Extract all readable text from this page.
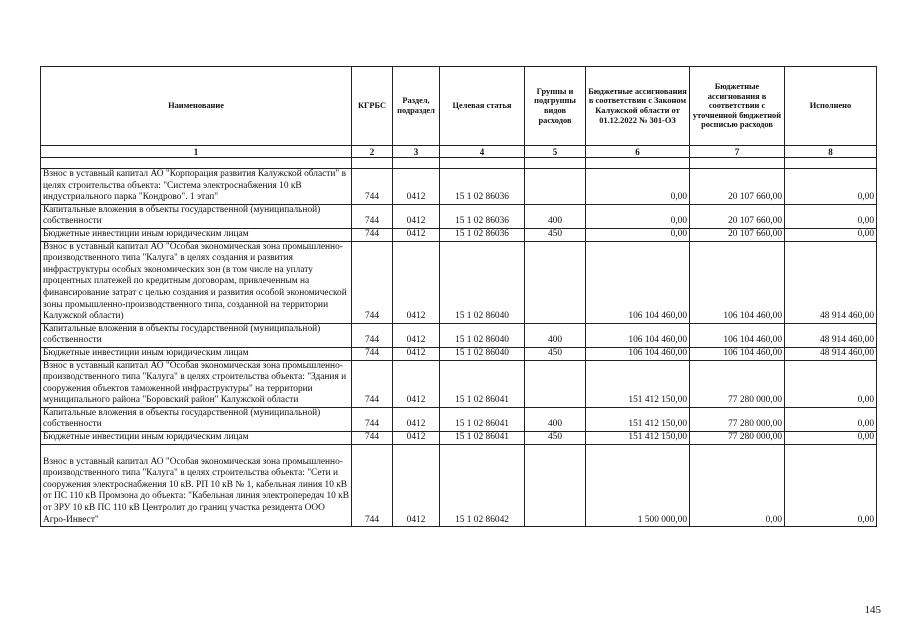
Наименование	КГРБС	Раздел, подраздел	Целевая статья	Группы и подгруппы видов расходов	Бюджетные ассигнования в соответствии с Законом Калужской области от 01.12.2022 № 301-ОЗ	Бюджетные ассигнования в соответствии с уточненной бюджетной росписью расходов	Исполнено
1	2	3	4	5	6	7	8

Взнос в уставный капитал АО "Корпорация развития Калужской области" в целях строительства объекта: "Система электроснабжения 10 кВ индустриального парка "Кондрово". 1 этап"	744	0412	15 1 02 86036		0,00	20 107 660,00	0,00
Капитальные вложения в объекты государственной (муниципальной) собственности	744	0412	15 1 02 86036	400	0,00	20 107 660,00	0,00
Бюджетные инвестиции иным юридическим лицам	744	0412	15 1 02 86036	450	0,00	20 107 660,00	0,00
Взнос в уставный капитал АО "Особая экономическая зона промышленно-производственного типа "Калуга" в целях создания и развития инфраструктуры особых экономических зон (в том числе на уплату процентных платежей по кредитным договорам, привлеченным на финансирование затрат с целью создания и развития особой экономической зоны промышленно-производственного типа, созданной на территории Калужской области)	744	0412	15 1 02 86040		106 104 460,00	106 104 460,00	48 914 460,00
Капитальные вложения в объекты государственной (муниципальной) собственности	744	0412	15 1 02 86040	400	106 104 460,00	106 104 460,00	48 914 460,00
Бюджетные инвестиции иным юридическим лицам	744	0412	15 1 02 86040	450	106 104 460,00	106 104 460,00	48 914 460,00
Взнос в уставный капитал АО "Особая экономическая зона промышленно-производственного типа "Калуга" в целях строительства объекта: "Здания и сооружения объектов таможенной инфраструктуры" на территории муниципального района "Боровский район" Калужской области	744	0412	15 1 02 86041		151 412 150,00	77 280 000,00	0,00
Капитальные вложения в объекты государственной (муниципальной) собственности	744	0412	15 1 02 86041	400	151 412 150,00	77 280 000,00	0,00
Бюджетные инвестиции иным юридическим лицам	744	0412	15 1 02 86041	450	151 412 150,00	77 280 000,00	0,00
Взнос в уставный капитал АО "Особая экономическая зона промышленно-производственного типа "Калуга" в целях строительства объекта: "Сети и сооружения электроснабжения 10 кВ. РП 10 кВ № 1, кабельная линия 10 кВ от ПС 110 кВ Промзона до объекта: "Кабельная линия электропередач 10 кВ от ЗРУ 10 кВ ПС 110 кВ Центролит до границ участка резидента ООО Агро-Инвест"	744	0412	15 1 02 86042		1 500 000,00	0,00	0,00
145
